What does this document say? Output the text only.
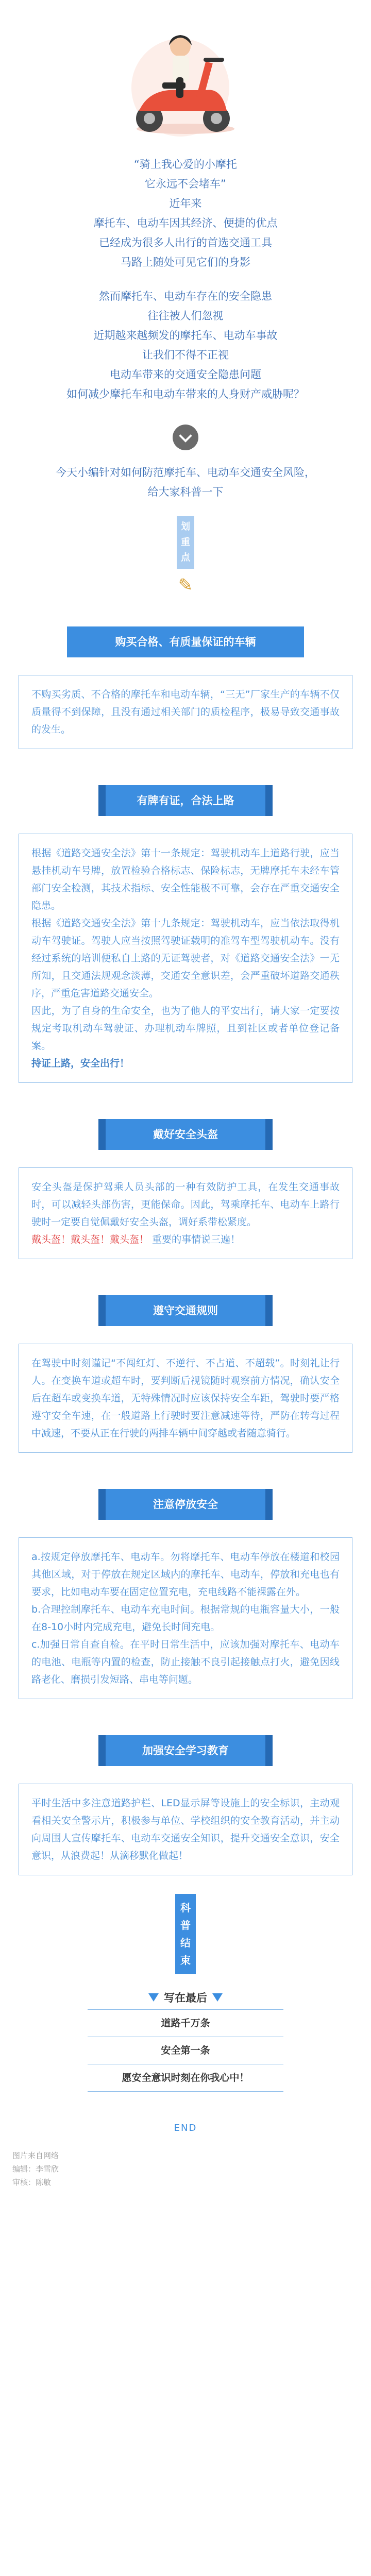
“骑上我心爱的小摩托

它永远不会堵车”

近年来

摩托车、电动车因其经济、便捷的优点

已经成为很多人出行的首选交通工具

马路上随处可见它们的身影

然而摩托车、电动车存在的安全隐患

往往被人们忽视

近期越来越频发的摩托车、电动车事故

让我们不得不正视

电动车带来的交通安全隐患问题

如何减少摩托车和电动车带来的人身财产威胁呢？

今天小编针对如何防范摩托车、电动车交通安全风险，

给大家科普一下

划
重
点
✎
购买合格、有质量保证的车辆
不购买劣质、不合格的摩托车和电动车辆，“三无”厂家生产的车辆不仅质量得不到保障，且没有通过相关部门的质检程序，极易导致交通事故的发生。
有牌有证，合法上路

根据《道路交通安全法》第十一条规定：驾驶机动车上道路行驶，应当悬挂机动车号牌，放置检验合格标志、保险标志，无牌摩托车未经车管部门安全检测，其技术指标、安全性能极不可靠，会存在严重交通安全隐患。

根据《道路交通安全法》第十九条规定：驾驶机动车，应当依法取得机动车驾驶证。驾驶人应当按照驾驶证载明的准驾车型驾驶机动车。没有经过系统的培训便私自上路的无证驾驶者，对《道路交通安全法》一无所知，且交通法规观念淡薄，交通安全意识差，会严重破坏道路交通秩序，严重危害道路交通安全。

因此，为了自身的生命安全，也为了他人的平安出行，请大家一定要按规定考取机动车驾驶证、办理机动车牌照，且到社区或者单位登记备案。

持证上路，安全出行！

戴好安全头盔

安全头盔是保护驾乘人员头部的一种有效防护工具，在发生交通事故时，可以减轻头部伤害，更能保命。因此，驾乘摩托车、电动车上路行驶时一定要自觉佩戴好安全头盔，调好系带松紧度。

戴头盔！戴头盔！戴头盔！ 重要的事情说三遍！

遵守交通规则

在驾驶中时刻谨记“不闯红灯、不逆行、不占道、不超载”。时刻礼让行人。在变换车道或超车时，要判断后视镜随时观察前方情况，确认安全后在超车或变换车道，无特殊情况时应该保持安全车距，驾驶时要严格遵守安全车速，在一般道路上行驶时要注意减速等待，严防在转弯过程中减速，不要从正在行驶的两排车辆中间穿越或者随意骑行。

注意停放安全

a.按规定停放摩托车、电动车。勿将摩托车、电动车停放在楼道和校园其他区域，对于停放在规定区域内的摩托车、电动车，停放和充电也有要求，比如电动车要在固定位置充电，充电线路不能裸露在外。

b.合理控制摩托车、电动车充电时间。根据常规的电瓶容量大小，一般在8-10小时内完成充电，避免长时间充电。

c.加强日常自查自检。在平时日常生活中，应该加强对摩托车、电动车的电池、电瓶等内置的检查，防止接触不良引起接触点打火，避免因线路老化、磨损引发短路、串电等问题。

加强安全学习教育

平时生活中多注意道路护栏、LED显示屏等设施上的安全标识，主动观看相关安全警示片，积极参与单位、学校组织的安全教育活动，并主动向周围人宣传摩托车、电动车交通安全知识，提升交通安全意识，安全意识，从浪费起！从滴移默化做起！

科
普
结
束
写在最后
道路千万条
安全第一条
愿安全意识时刻在你我心中！
END
图片来自网络
编辑：李雪欣
审核：陈敏
